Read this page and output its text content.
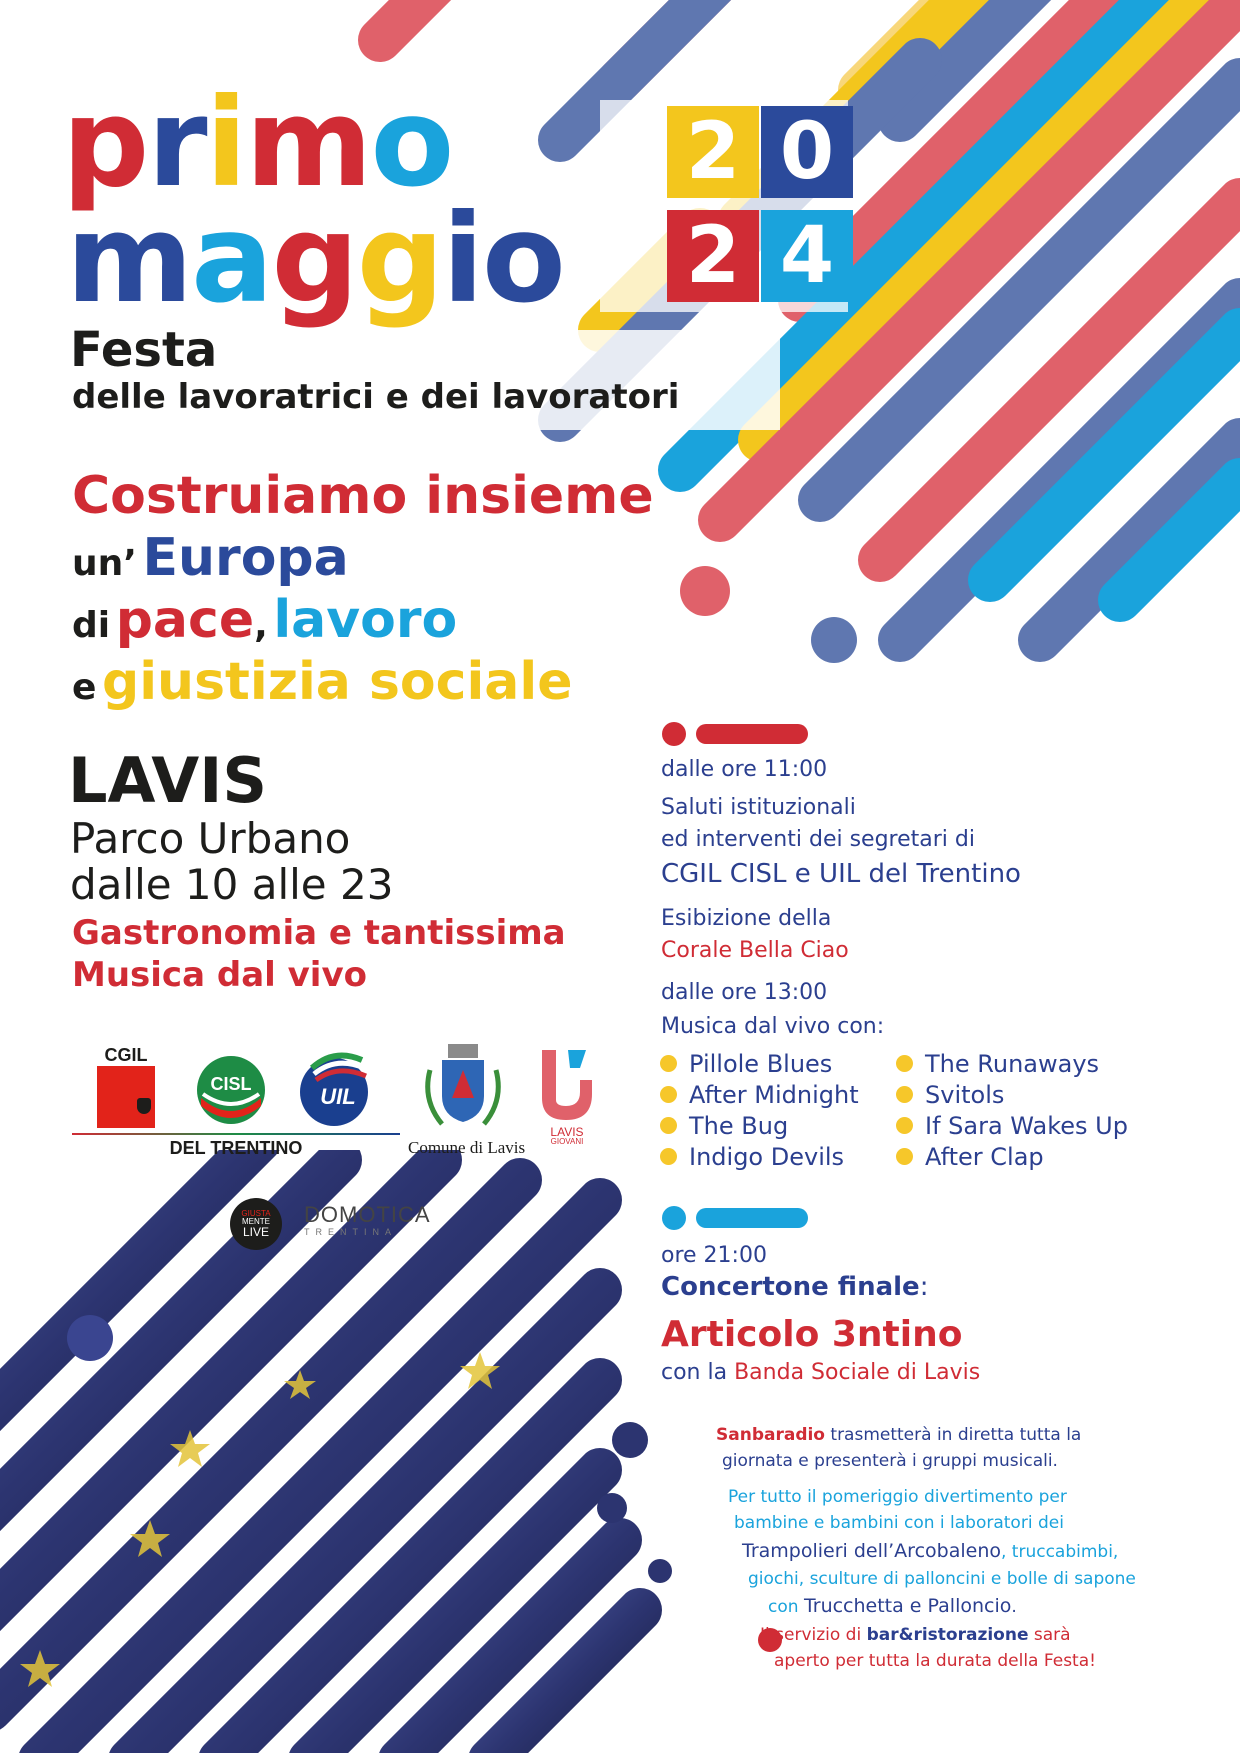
primo
maggio
2 0
2 4
Festa
delle lavoratrici e dei lavoratori
Costruiamo insieme
un’ Europa
di pace, lavoro
e giustizia sociale
LAVIS
Parco Urbano
dalle 10 alle 23
Gastronomia e tantissima
Musica dal vivo
CGIL
CISL	UIL
DEL TRENTINO	Comune di Lavis
LAVIS
GIOVANI
GIUSTA
MENTE
LIVE
DOMOTICA
TRENTINA
dalle ore 11:00
Saluti istituzionali
ed interventi dei segretari di
CGIL CISL e UIL del Trentino
Esibizione della
Corale Bella Ciao
dalle ore 13:00
Musica dal vivo con:
Pillole Blues
After Midnight
The Bug
Indigo Devils
The Runaways
Svitols
If Sara Wakes Up
After Clap
ore 21:00
Concertone finale:
Articolo 3ntino
con la Banda Sociale di Lavis
Sanbaradio trasmetterà in diretta tutta la
giornata e presenterà i gruppi musicali.
Per tutto il pomeriggio divertimento per
bambine e bambini con i laboratori dei
Trampolieri dell’Arcobaleno, truccabimbi,
giochi, sculture di palloncini e bolle di sapone
con Trucchetta e Palloncio.
Il servizio di bar&ristorazione sarà
aperto per tutta la durata della Festa!
